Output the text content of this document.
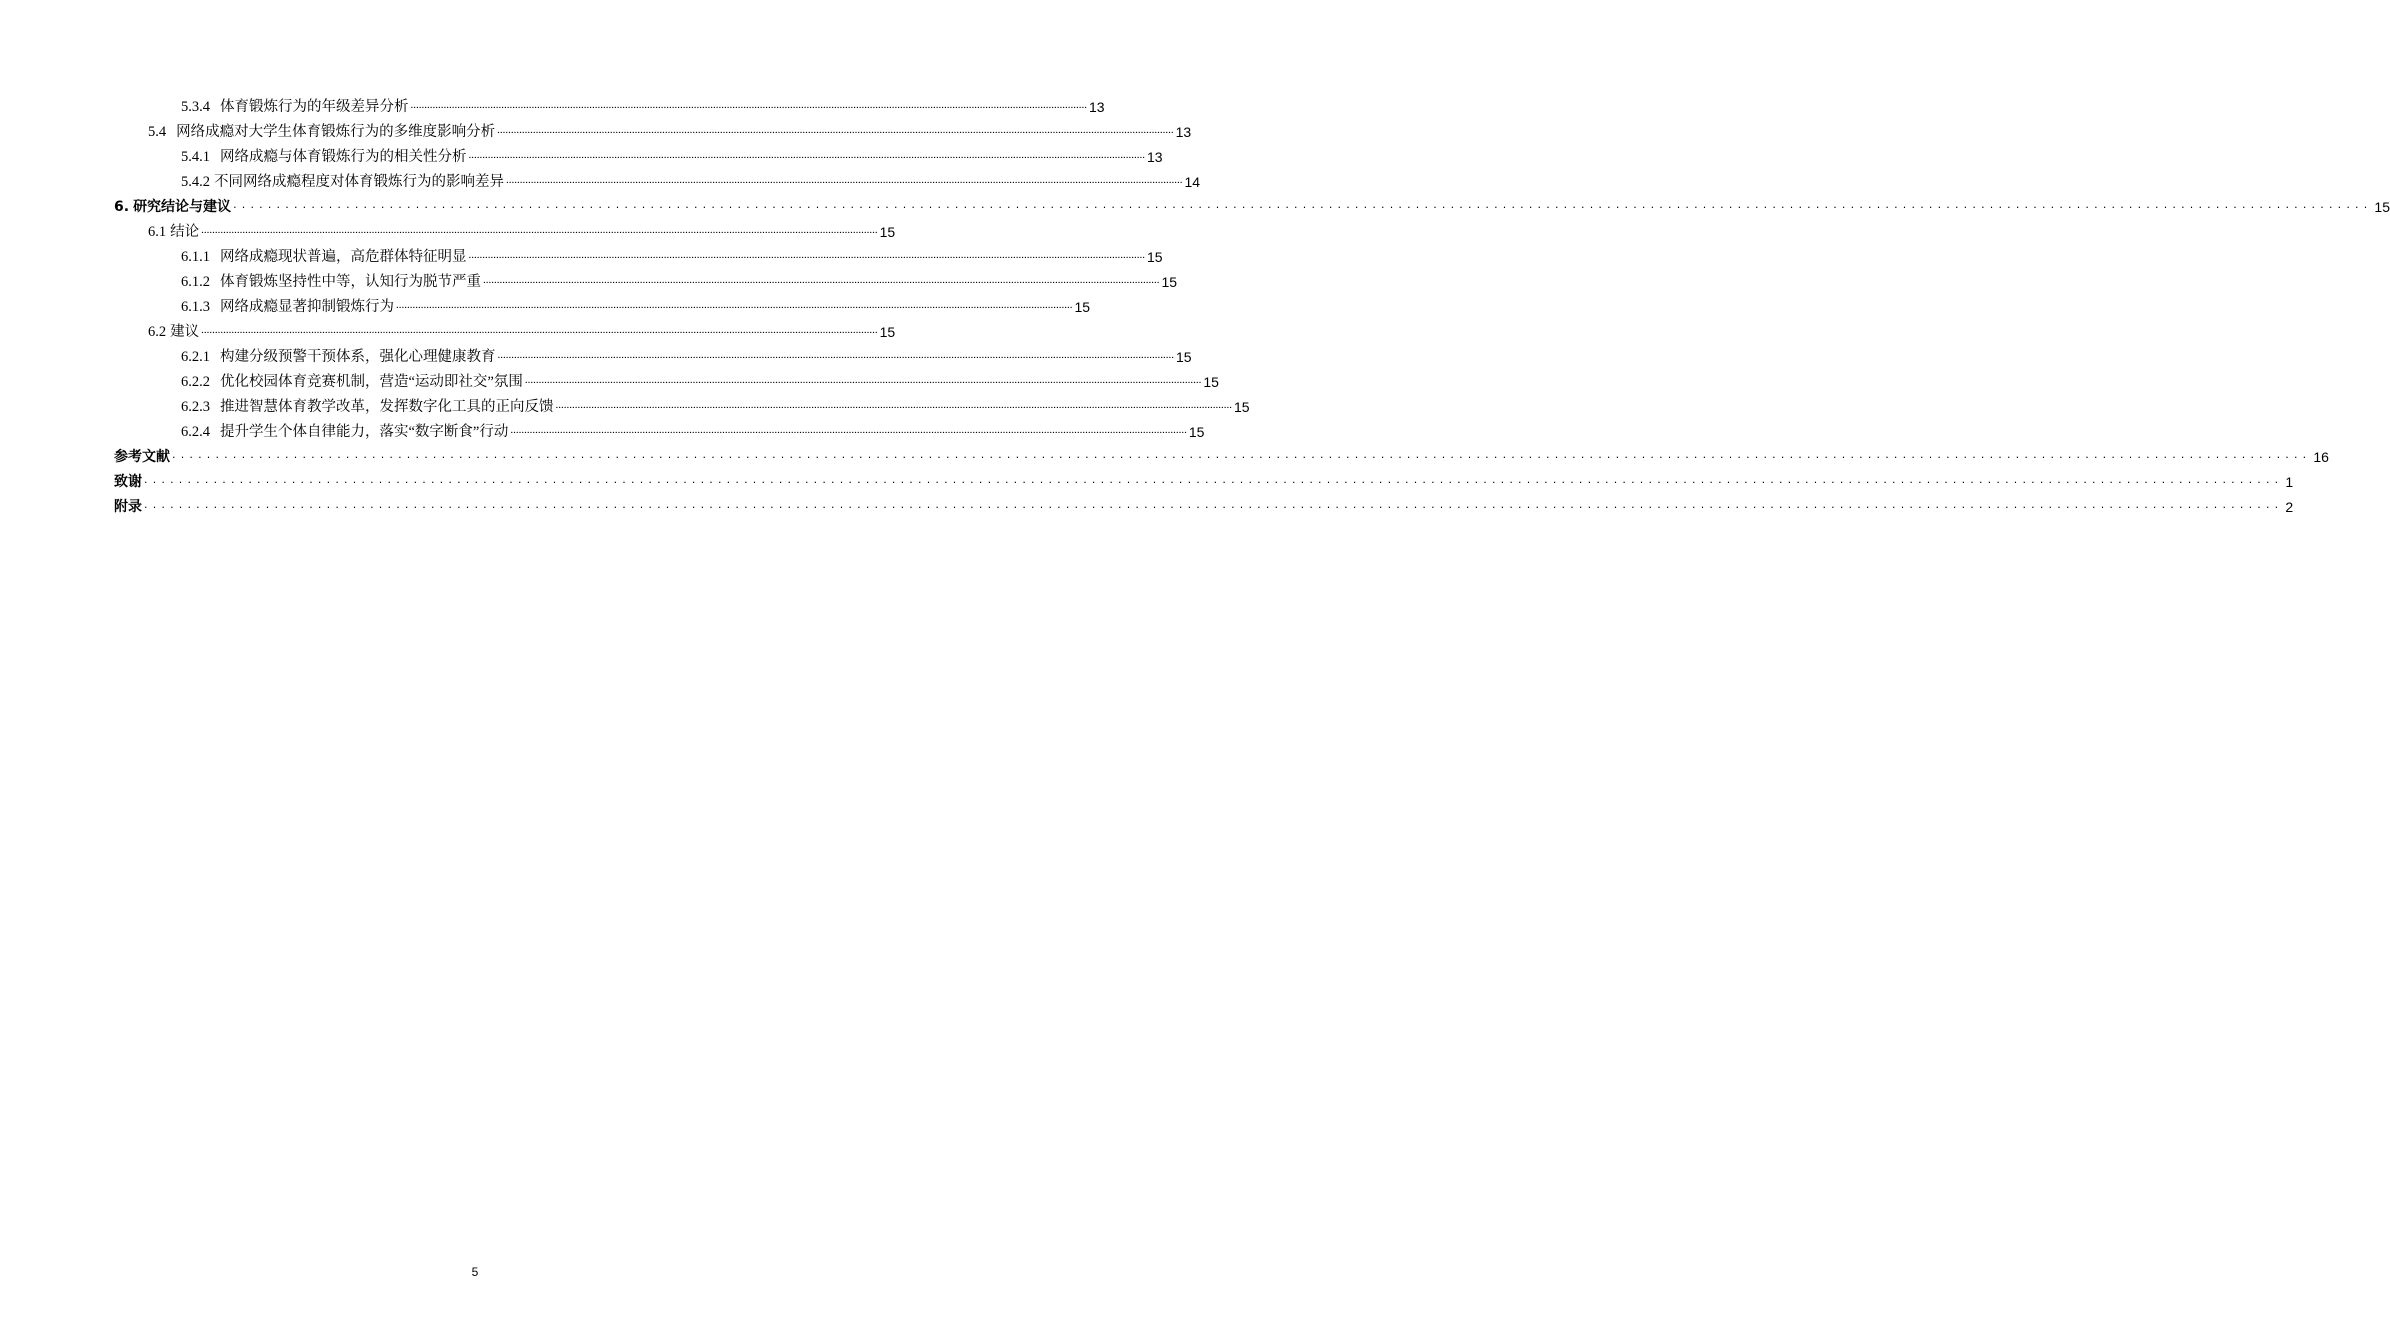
5.3.4 体育锻炼行为的年级差异分析 ...................................................................................................................................................................................................................................................... 13
5.4 网络成瘾对大学生体育锻炼行为的多维度影响分析 ...................................................................................................................................................................................................................................................... 13
5.4.1 网络成瘾与体育锻炼行为的相关性分析 ...................................................................................................................................................................................................................................................... 13
5.4.2 不同网络成瘾程度对体育锻炼行为的影响差异 ...................................................................................................................................................................................................................................................... 14
6. 研究结论与建议 ...................................................................................................................................................................................................................................................... 15
6.1 结论 ...................................................................................................................................................................................................................................................... 15
6.1.1 网络成瘾现状普遍，高危群体特征明显 ...................................................................................................................................................................................................................................................... 15
6.1.2 体育锻炼坚持性中等，认知行为脱节严重 ...................................................................................................................................................................................................................................................... 15
6.1.3 网络成瘾显著抑制锻炼行为 ...................................................................................................................................................................................................................................................... 15
6.2 建议 ...................................................................................................................................................................................................................................................... 15
6.2.1 构建分级预警干预体系，强化心理健康教育 ...................................................................................................................................................................................................................................................... 15
6.2.2 优化校园体育竞赛机制，营造“运动即社交”氛围 ...................................................................................................................................................................................................................................................... 15
6.2.3 推进智慧体育教学改革，发挥数字化工具的正向反馈 ...................................................................................................................................................................................................................................................... 15
6.2.4 提升学生个体自律能力，落实“数字断食”行动 ...................................................................................................................................................................................................................................................... 15
参考文献 ...................................................................................................................................................................................................................................................... 16
致谢 ...................................................................................................................................................................................................................................................... 1
附录 ...................................................................................................................................................................................................................................................... 2
5
